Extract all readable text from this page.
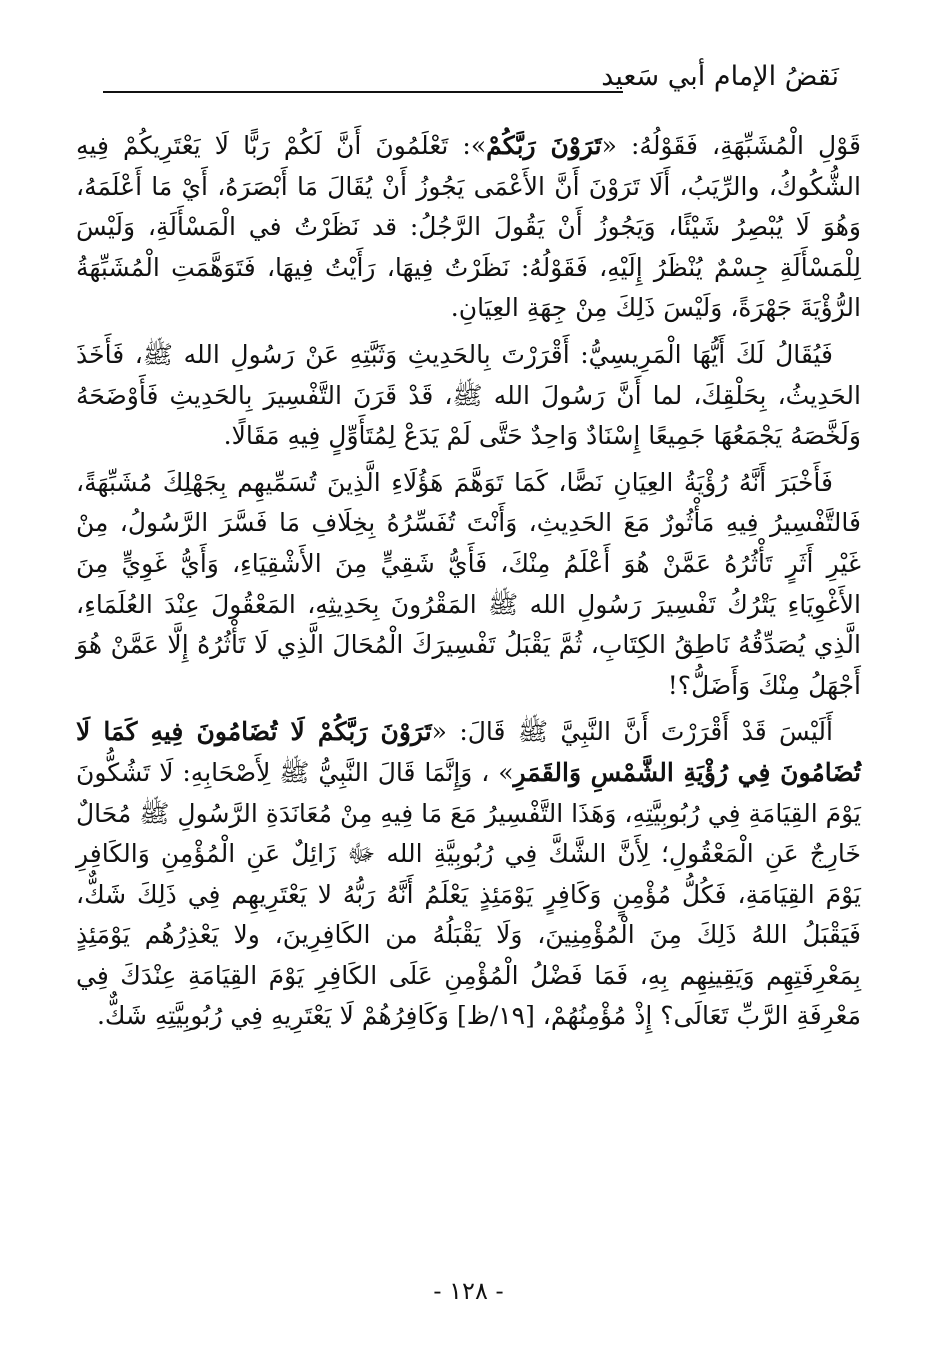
نَقضُ الإمام أبي سَعيد

قَوْلِ الْمُشَبِّهَةِ، فَقَوْلُهُ: «تَرَوْنَ رَبَّكُمْ»: تَعْلَمُونَ أَنَّ لَكُمْ رَبًّا لَا يَعْتَرِيكُمْ فِيهِ الشُّكُوكُ، والرِّيَبُ، أَلَا تَرَوْنَ أَنَّ الأَعْمَى يَجُوزُ أَنْ يُقَالَ مَا أَبْصَرَهُ، أَيْ مَا أَعْلَمَهُ، وَهُوَ لَا يُبْصِرُ شَيْئًا، وَيَجُوزُ أَنْ يَقُولَ الرَّجُلُ: قد نَظَرْتُ في الْمَسْأَلَةِ، وَلَيْسَ لِلْمَسْأَلَةِ جِسْمٌ يُنْظَرُ إِلَيْهِ، فَقَوْلُهُ: نَظَرْتُ فِيهَا، رَأَيْتُ فِيهَا، فَتَوَهَّمَتِ الْمُشَبِّهَةُ الرُّؤْيَةَ جَهْرَةً، وَلَيْسَ ذَلِكَ مِنْ جِهَةِ العِيَانِ.

فَيُقَالُ لَكَ أَيُّهَا الْمَرِيسِيُّ: أَقْرَرْتَ بِالحَدِيثِ وَثَبَّتِهِ عَنْ رَسُولِ الله ﷺ، فَأَخَذَ الحَدِيثُ، بِحَلْقِكَ، لما أَنَّ رَسُولَ الله ﷺ، قَدْ قَرَنَ التَّفْسِيرَ بِالحَدِيثِ فَأَوْضَحَهُ وَلَخَّصَهُ يَجْمَعُهَا جَمِيعًا إِسْنَادٌ وَاحِدٌ حَتَّى لَمْ يَدَعْ لِمُتَأَوِّلٍ فِيهِ مَقَالًا.

فَأَخْبَرَ أَنَّهُ رُؤْيَةُ العِيَانِ نَصًّا، كَمَا تَوَهَّمَ هَؤُلَاءِ الَّذِينَ تُسَمِّيهِم بِجَهْلِكَ مُشَبِّهَةً، فَالتَّفْسِيرُ فِيهِ مَأْثُورٌ مَعَ الحَدِيثِ، وَأَنْتَ تُفَسِّرُهُ بِخِلَافِ مَا فَسَّرَ الرَّسُولُ، مِنْ غَيْرِ أَثَرٍ تَأْثُرُهُ عَمَّنْ هُوَ أَعْلَمُ مِنْكَ، فَأَيُّ شَقِيٍّ مِنَ الأَشْقِيَاءِ، وَأَيُّ غَوِيٍّ مِنَ الأَغْوِيَاءِ يَتْرُكُ تَفْسِيرَ رَسُولِ الله ﷺ المَقْرُونَ بِحَدِيثِهِ، المَعْقُولَ عِنْدَ العُلَمَاءِ، الَّذِي يُصَدِّقُهُ نَاطِقُ الكِتَابِ، ثُمَّ يَقْبَلُ تَفْسِيرَكَ الْمُحَالَ الَّذِي لَا تَأْثُرُهُ إِلَّا عَمَّنْ هُوَ أَجْهَلُ مِنْكَ وَأَضَلُّ؟!

أَلَيْسَ قَدْ أَقْرَرْتَ أَنَّ النَّبِيَّ ﷺ قَالَ: «تَرَوْنَ رَبَّكُمْ لَا تُضَامُونَ فِيهِ كَمَا لَا تُضَامُونَ فِي رُؤْيَةِ الشَّمْسِ وَالقَمَرِ» ، وَإِنَّمَا قَالَ النَّبِيُّ ﷺ لِأَصْحَابِهِ: لَا تَشُكُّونَ يَوْمَ القِيَامَةِ فِي رُبُوبِيَّتِهِ، وَهَذَا التَّفْسِيرُ مَعَ مَا فِيهِ مِنْ مُعَانَدَةِ الرَّسُولِ ﷺ مُحَالٌ خَارِجٌ عَنِ الْمَعْقُولِ؛ لِأَنَّ الشَّكَّ فِي رُبُوبِيَّةِ الله ﷻ زَائِلٌ عَنِ الْمُؤْمِنِ وَالكَافِرِ يَوْمَ القِيَامَةِ، فَكُلُّ مُؤْمِنٍ وَكَافِرٍ يَوْمَئِذٍ يَعْلَمُ أَنَّهُ رَبُّهُ لا يَعْتَرِيهِم فِي ذَلِكَ شَكٌّ، فَيَقْبَلُ اللهُ ذَلِكَ مِنَ الْمُؤْمِنِينَ، وَلَا يَقْبَلُهُ من الكَافِرِينَ، ولا يَعْذِرُهُم يَوْمَئِذٍ بِمَعْرِفَتِهِم وَيَقِينِهِم بِهِ، فَمَا فَضْلُ الْمُؤْمِنِ عَلَى الكَافِرِ يَوْمَ القِيَامَةِ عِنْدَكَ فِي مَعْرِفَةِ الرَّبِّ تَعَالَى؟ إِذْ مُؤْمِنُهُمْ، [١٩/ظ] وَكَافِرُهُمْ لَا يَعْتَرِيهِ فِي رُبُوبِيَّتِهِ شَكٌّ.

- ١٢٨ -
